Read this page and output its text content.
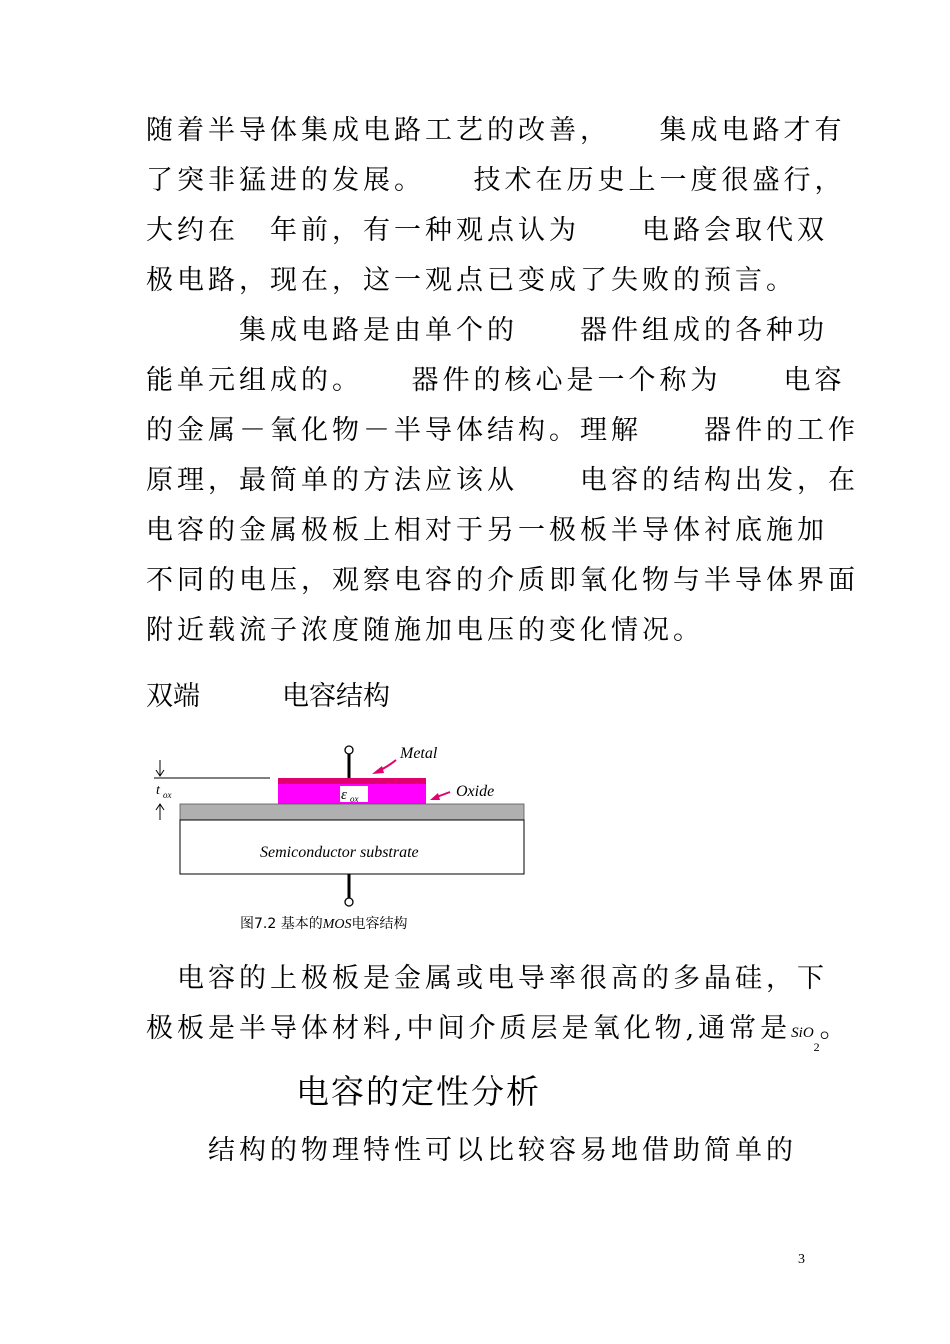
随着半导体集成电路工艺的改善，　　集成电路才有
了突非猛进的发展。　　技术在历史上一度很盛行，
大约在　年前，有一种观点认为　　电路会取代双
极电路，现在，这一观点已变成了失败的预言。
　　　集成电路是由单个的　　器件组成的各种功
能单元组成的。　　器件的核心是一个称为　　电容
的金属－氧化物－半导体结构。理解　　器件的工作
原理，最简单的方法应该从　　电容的结构出发，在
电容的金属极板上相对于另一极板半导体衬底施加
不同的电压，观察电容的介质即氧化物与半导体界面
附近载流子浓度随施加电压的变化情况。
双端	电容结构
ε ox
Semiconductor substrate
t ox
Metal
Oxide
图7.2 基本的MOS电容结构
　电容的上极板是金属或电导率很高的多晶硅，下
极板是半导体材料,中间介质层是氧化物,通常是SiO$_2$。
电容的定性分析
　　结构的物理特性可以比较容易地借助简单的
3
